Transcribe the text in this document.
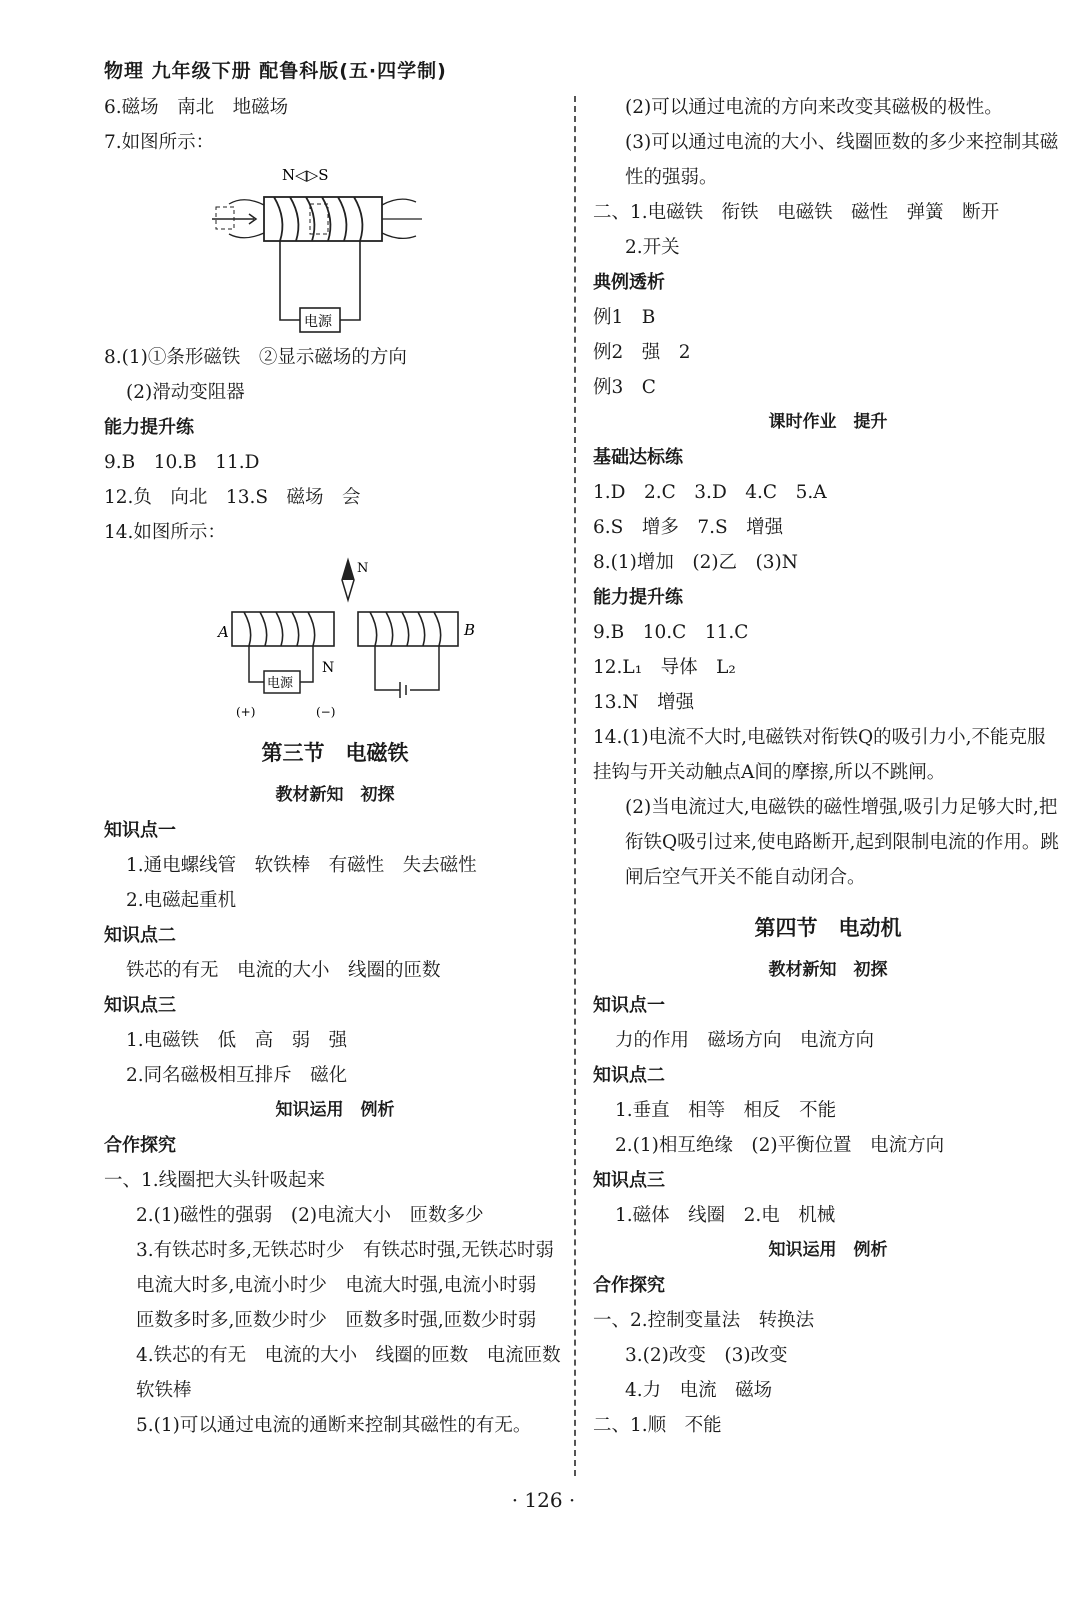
物理 九年级下册 配鲁科版(五·四学制)
6.磁场　南北　地磁场
7.如图所示：
N◁▷S
电源
8.(1)①条形磁铁　②显示磁场的方向
(2)滑动变阻器
能力提升练
9.B　10.B　11.D
12.负　向北　13.S　磁场　会
14.如图所示：
N
A
N
电源
(+)	(−)
B
第三节　电磁铁
教材新知　初探
知识点一
1.通电螺线管　软铁棒　有磁性　失去磁性
2.电磁起重机
知识点二
铁芯的有无　电流的大小　线圈的匝数
知识点三
1.电磁铁　低　高　弱　强
2.同名磁极相互排斥　磁化
知识运用　例析
合作探究
一、1.线圈把大头针吸起来
2.(1)磁性的强弱　(2)电流大小　匝数多少
3.有铁芯时多,无铁芯时少　有铁芯时强,无铁芯时弱　电流大时多,电流小时少　电流大时强,电流小时弱　匝数多时多,匝数少时少　匝数多时强,匝数少时弱
4.铁芯的有无　电流的大小　线圈的匝数　电流匝数　软铁棒
5.(1)可以通过电流的通断来控制其磁性的有无。
(2)可以通过电流的方向来改变其磁极的极性。
(3)可以通过电流的大小、线圈匝数的多少来控制其磁性的强弱。
二、1.电磁铁　衔铁　电磁铁　磁性　弹簧　断开
2.开关
典例透析
例1　B
例2　强　2
例3　C
课时作业　提升
基础达标练
1.D　2.C　3.D　4.C　5.A
6.S　增多　7.S　增强
8.(1)增加　(2)乙　(3)N
能力提升练
9.B　10.C　11.C
12.L₁　导体　L₂
13.N　增强
14.(1)电流不大时,电磁铁对衔铁Q的吸引力小,不能克服挂钩与开关动触点A间的摩擦,所以不跳闸。
(2)当电流过大,电磁铁的磁性增强,吸引力足够大时,把衔铁Q吸引过来,使电路断开,起到限制电流的作用。跳闸后空气开关不能自动闭合。
第四节　电动机
教材新知　初探
知识点一
力的作用　磁场方向　电流方向
知识点二
1.垂直　相等　相反　不能
2.(1)相互绝缘　(2)平衡位置　电流方向
知识点三
1.磁体　线圈　2.电　机械
知识运用　例析
合作探究
一、2.控制变量法　转换法
3.(2)改变　(3)改变
4.力　电流　磁场
二、1.顺　不能
· 126 ·
